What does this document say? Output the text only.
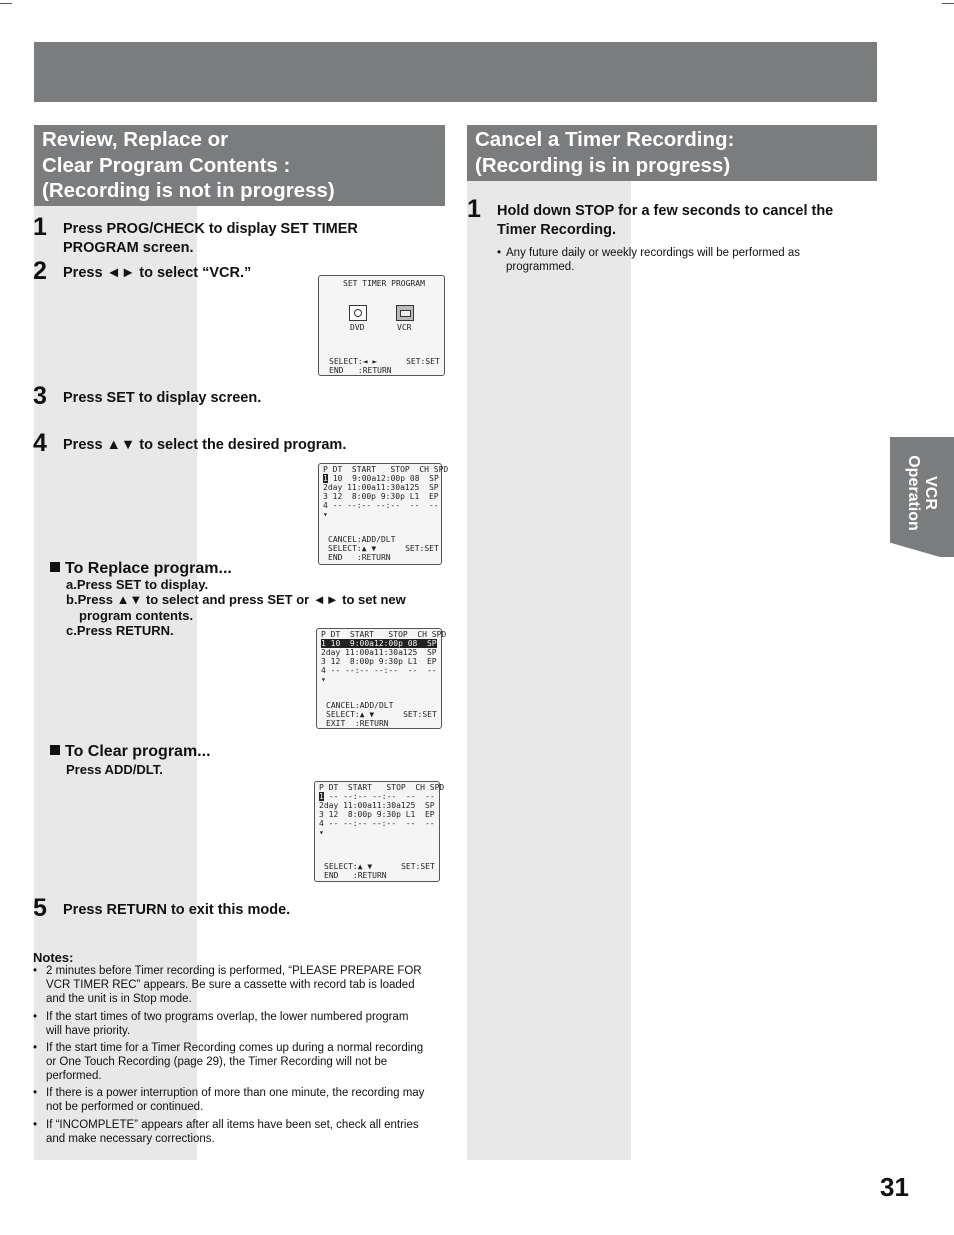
Review, Replace or
Clear Program Contents :
(Recording is not in progress)
Cancel a Timer Recording:
(Recording is in progress)
1 Press PROG/CHECK to display SET TIMER
PROGRAM screen.
2 Press ◄► to select “VCR.”

SET TIMER PROGRAM

DVD

	VCR

SELECT:◄ ►      SET:SET

END   :RETURN

3 Press SET to display screen.
4 Press ▲▼ to select the desired program.

P DT  START   STOP  CH SPD

1

10  9:00a12:00p 08  SP

2day 11:00a11:30a125  SP

3 12  8:00p 9:30p L1  EP

4 -- --:-- --:--  --  --

▾

CANCEL:ADD/DLT

SELECT:▲ ▼      SET:SET

END   :RETURN

To Replace program...
a.Press SET to display.
b.Press ▲▼ to select and press SET or ◄► to set new
program contents.
c.Press RETURN.

	P DT  START   STOP  CH SPD

1 10  9:00a12:00p 08  SP

2day 11:00a11:30a125  SP

3 12  8:00p 9:30p L1  EP

4 -- --:-- --:--  --  --

▾

CANCEL:ADD/DLT

SELECT:▲ ▼      SET:SET

EXIT  :RETURN

To Clear program...
Press ADD/DLT.

P DT  START   STOP  CH SPD

1

-- --:-- --:--  --  --

2day 11:00a11:30a125  SP

3 12  8:00p 9:30p L1  EP

4 -- --:-- --:--  --  --

▾

SELECT:▲ ▼      SET:SET

END   :RETURN

5 Press RETURN to exit this mode.
Notes:
• 2 minutes before Timer recording is performed, “PLEASE PREPARE FOR
VCR TIMER REC” appears. Be sure a cassette with record tab is loaded
and the unit is in Stop mode.
• If the start times of two programs overlap, the lower numbered program
will have priority.
• If the start time for a Timer Recording comes up during a normal recording
or One Touch Recording (page 29), the Timer Recording will not be
performed.
• If there is a power interruption of more than one minute, the recording may
not be performed or continued.
• If “INCOMPLETE” appears after all items have been set, check all entries
and make necessary corrections.
1 Hold down STOP for a few seconds to cancel the
Timer Recording.
• Any future daily or weekly recordings will be performed as
programmed.
VCR
Operation
31
